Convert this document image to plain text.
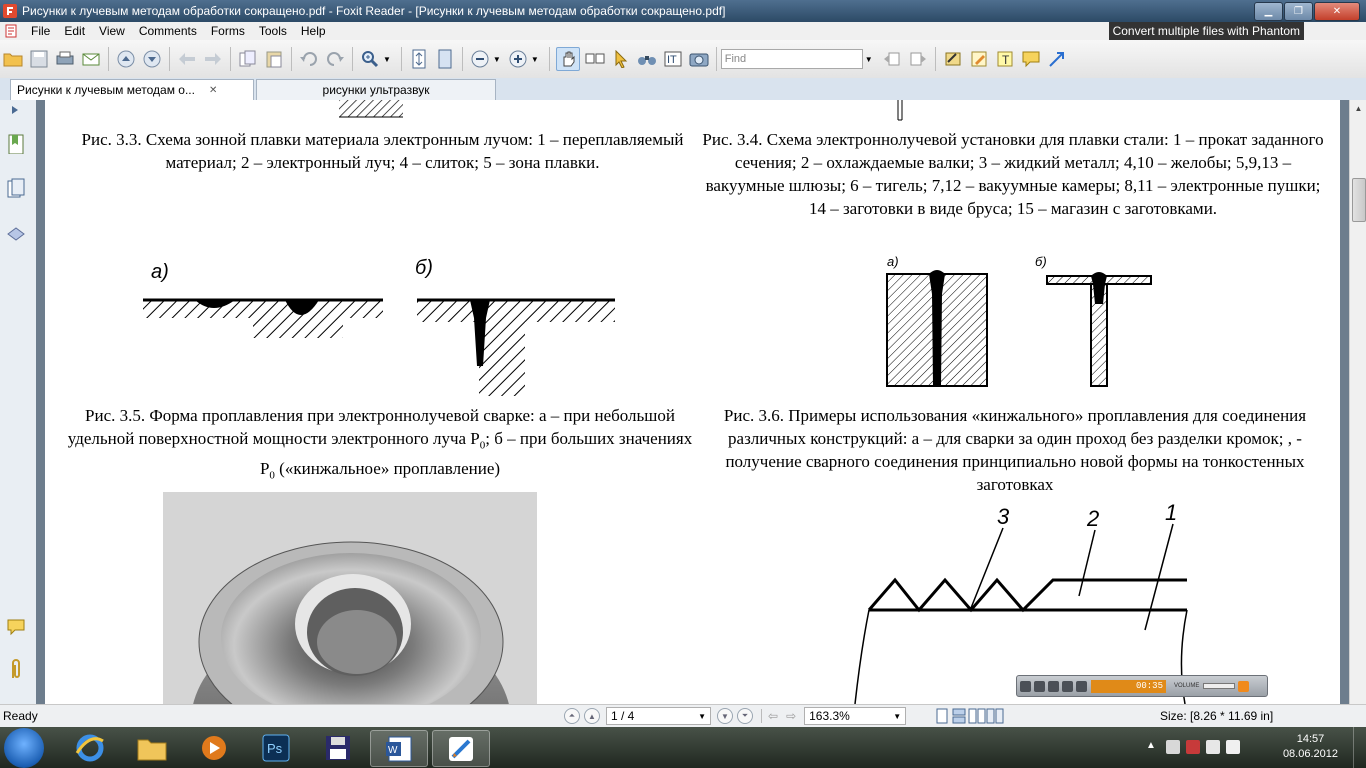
Рисунки к лучевым методам обработки сокращено.pdf - Foxit Reader - [Рисунки к лучевым методам обработки сокращено.pdf]	▁	❐	✕
File	Edit	View	Comments	Forms	Tools	Help	Convert multiple files with Phantom
▼	▼	▼	IT	Find	▼	T
Рисунки к лучевым методам о... ✕	рисунки ультразвук
Рис. 3.3. Схема зонной плавки материала электронным лучом: 1 – переплавляемый материал; 2 – электронный луч; 4 – слиток; 5 – зона плавки.
Рис. 3.4. Схема электроннолучевой установки для плавки стали: 1 – прокат заданного сечения; 2 – охлаждаемые валки; 3 – жидкий металл; 4,10 – желобы; 5,9,13 – вакуумные шлюзы; 6 – тигель; 7,12 – вакуумные камеры; 8,11 – электронные пушки; 14 – заготовки в виде бруса; 15 – магазин с заготовками.
а)	б)	а)	б)
Рис. 3.5. Форма проплавления при электроннолучевой сварке: а – при небольшой удельной поверхностной мощности электронного луча $P_0$; б – при больших значениях $P_0$ («кинжальное» проплавление)
Рис. 3.6. Примеры использования «кинжального» проплавления для соединения различных конструкций: а – для сварки за один проход без разделки кромок; , - получение сварного соединения принципиально новой формы на тонкостенных заготовках
3	2	1
▲
00:35	VOLUME
Ready	⏶	▲	1 / 4	▼	▼	⏷	⇦ ⇨ 163.3%	▼	Size: [8.26 * 11.69 in]
Ps	W	▲
14:57
08.06.2012
